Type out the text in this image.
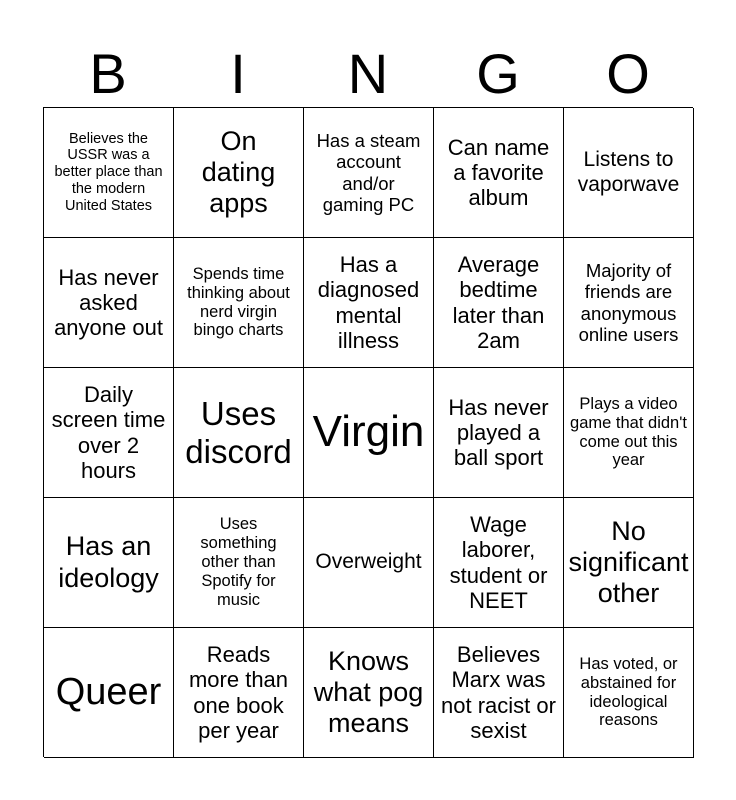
B	I	N	G	O
Believes the USSR was a better place than the modern United States
On dating apps
Has a steam account and/or gaming PC
Can name a favorite album
Listens to vaporwave
Has never asked anyone out
Spends time thinking about nerd virgin bingo charts
Has a diagnosed mental illness
Average bedtime later than 2am
Majority of friends are anonymous online users
Daily screen time over 2 hours
Uses discord Virgin
Has never played a ball sport
Plays a video game that didn't come out this year
Has an ideology
Uses something other than Spotify for music
Overweight
Wage laborer, student or NEET
No significant other
Queer
Reads more than one book per year
Knows what pog means
Believes Marx was not racist or sexist
Has voted, or abstained for ideological reasons
